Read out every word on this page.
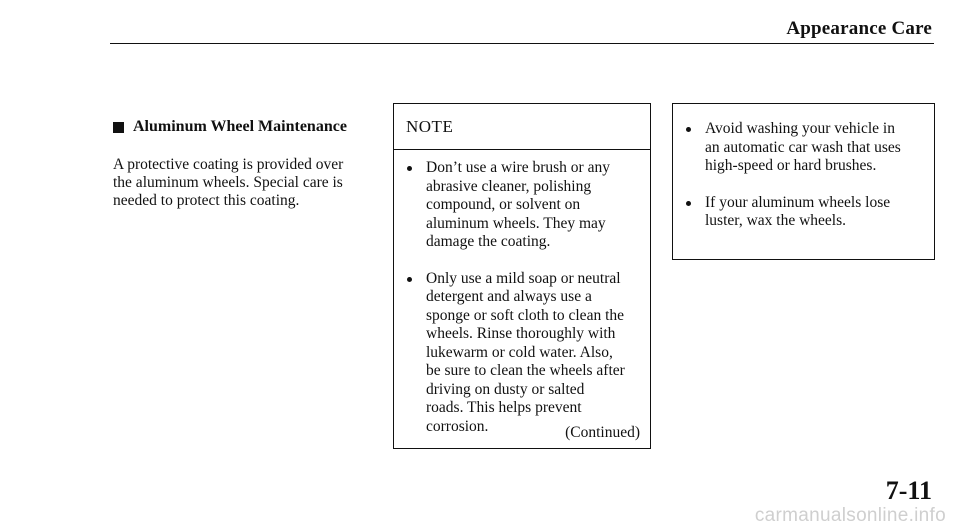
Appearance Care
Aluminum Wheel Maintenance

A protective coating is provided over

the aluminum wheels. Special care is

needed to protect this coating.

NOTE
Don’t use a wire brush or any
abrasive cleaner, polishing
compound, or solvent on
aluminum wheels. They may
damage the coating.
Only use a mild soap or neutral
detergent and always use a
sponge or soft cloth to clean the
wheels. Rinse thoroughly with
lukewarm or cold water. Also,
be sure to clean the wheels after
driving on dusty or salted
roads. This helps prevent
corrosion.	(Continued)
Avoid washing your vehicle in
an automatic car wash that uses
high-speed or hard brushes.
If your aluminum wheels lose
luster, wax the wheels.
7-11
carmanualsonline.info
